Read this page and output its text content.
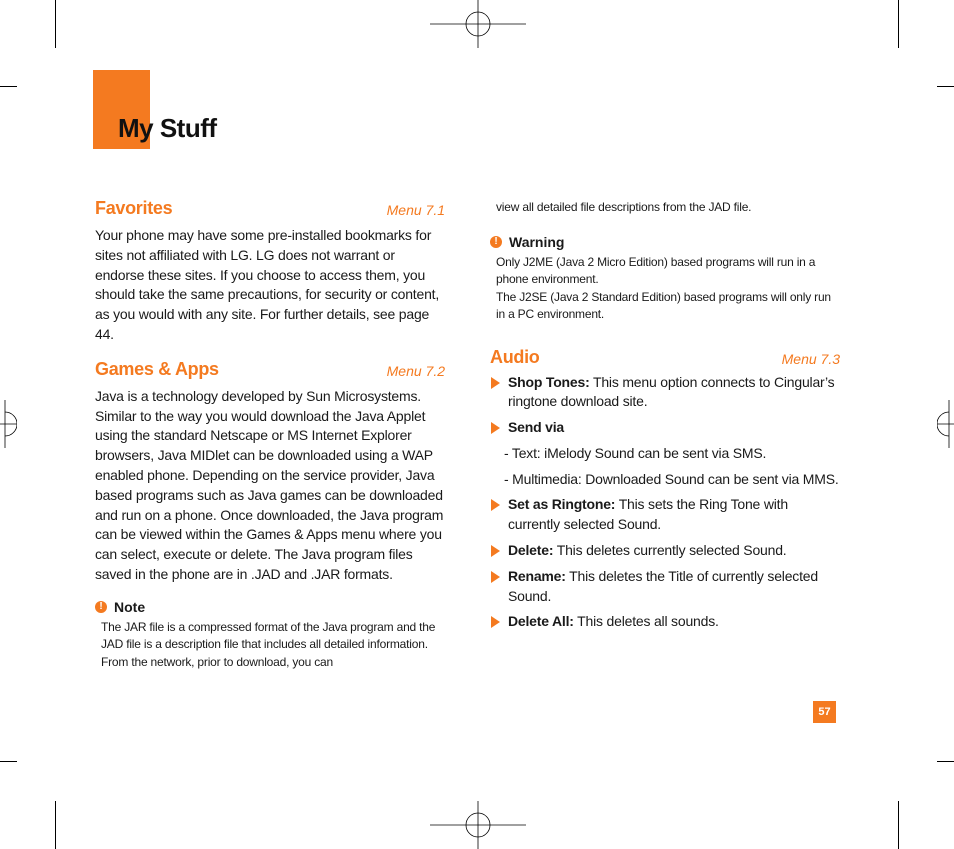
My Stuff
Favorites	Menu 7.1

Your phone may have some pre-installed bookmarks for sites not affiliated with LG. LG does not warrant or endorse these sites. If you choose to access them, you should take the same precautions, for security or content, as you would with any site. For further details, see page 44.

Games & Apps	Menu 7.2

Java is a technology developed by Sun Microsystems. Similar to the way you would download the Java Applet using the standard Netscape or MS Internet Explorer browsers, Java MIDlet can be downloaded using a WAP enabled phone. Depending on the service provider, Java based programs such as Java games can be downloaded and run on a phone. Once downloaded, the Java program can be viewed within the Games & Apps menu where you can select, execute or delete. The Java program files saved in the phone are in .JAD and .JAR formats.

! Note

The JAR file is a compressed format of the Java program and the JAD file is a description file that includes all detailed information. From the network, prior to download, you can

view all detailed file descriptions from the JAD file.

! Warning

Only J2ME (Java 2 Micro Edition) based programs will run in a phone environment.

The J2SE (Java 2 Standard Edition) based programs will only run in a PC environment.

Audio	Menu 7.3
Shop Tones: This menu option connects to Cingular’s ringtone download site.
Send via

- Text: iMelody Sound can be sent via SMS.

- Multimedia: Downloaded Sound can be sent via MMS.

Set as Ringtone: This sets the Ring Tone with currently selected Sound.
Delete: This deletes currently selected Sound.
Rename: This deletes the Title of currently selected Sound.
Delete All: This deletes all sounds.
57
